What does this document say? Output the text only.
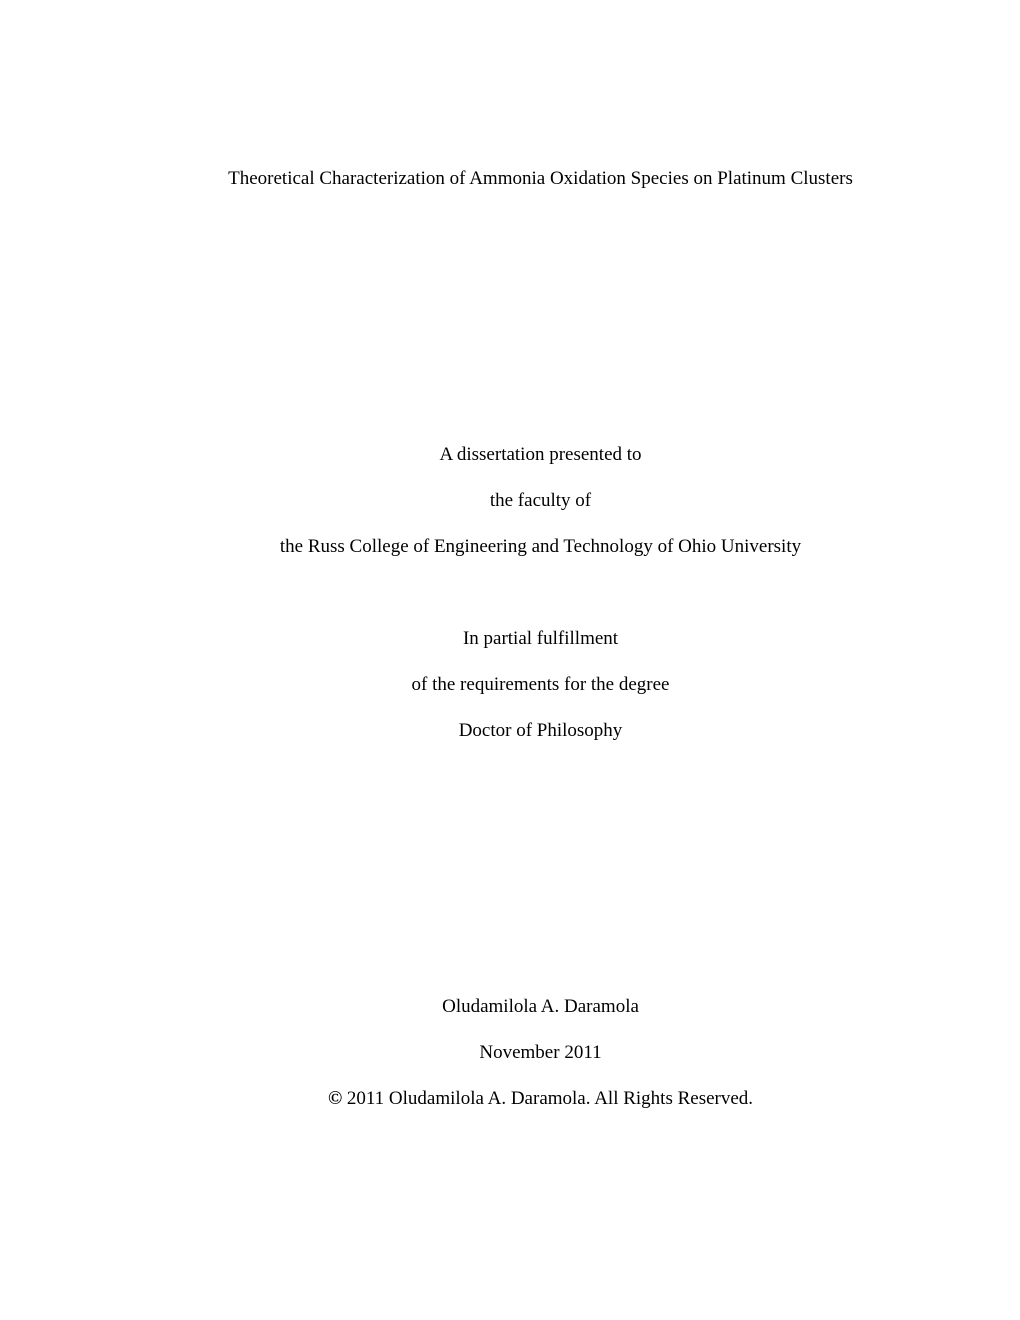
Theoretical Characterization of Ammonia Oxidation Species on Platinum Clusters
A dissertation presented to
the faculty of
the Russ College of Engineering and Technology of Ohio University
In partial fulfillment
of the requirements for the degree
Doctor of Philosophy
Oludamilola A. Daramola
November 2011
© 2011 Oludamilola A. Daramola. All Rights Reserved.
